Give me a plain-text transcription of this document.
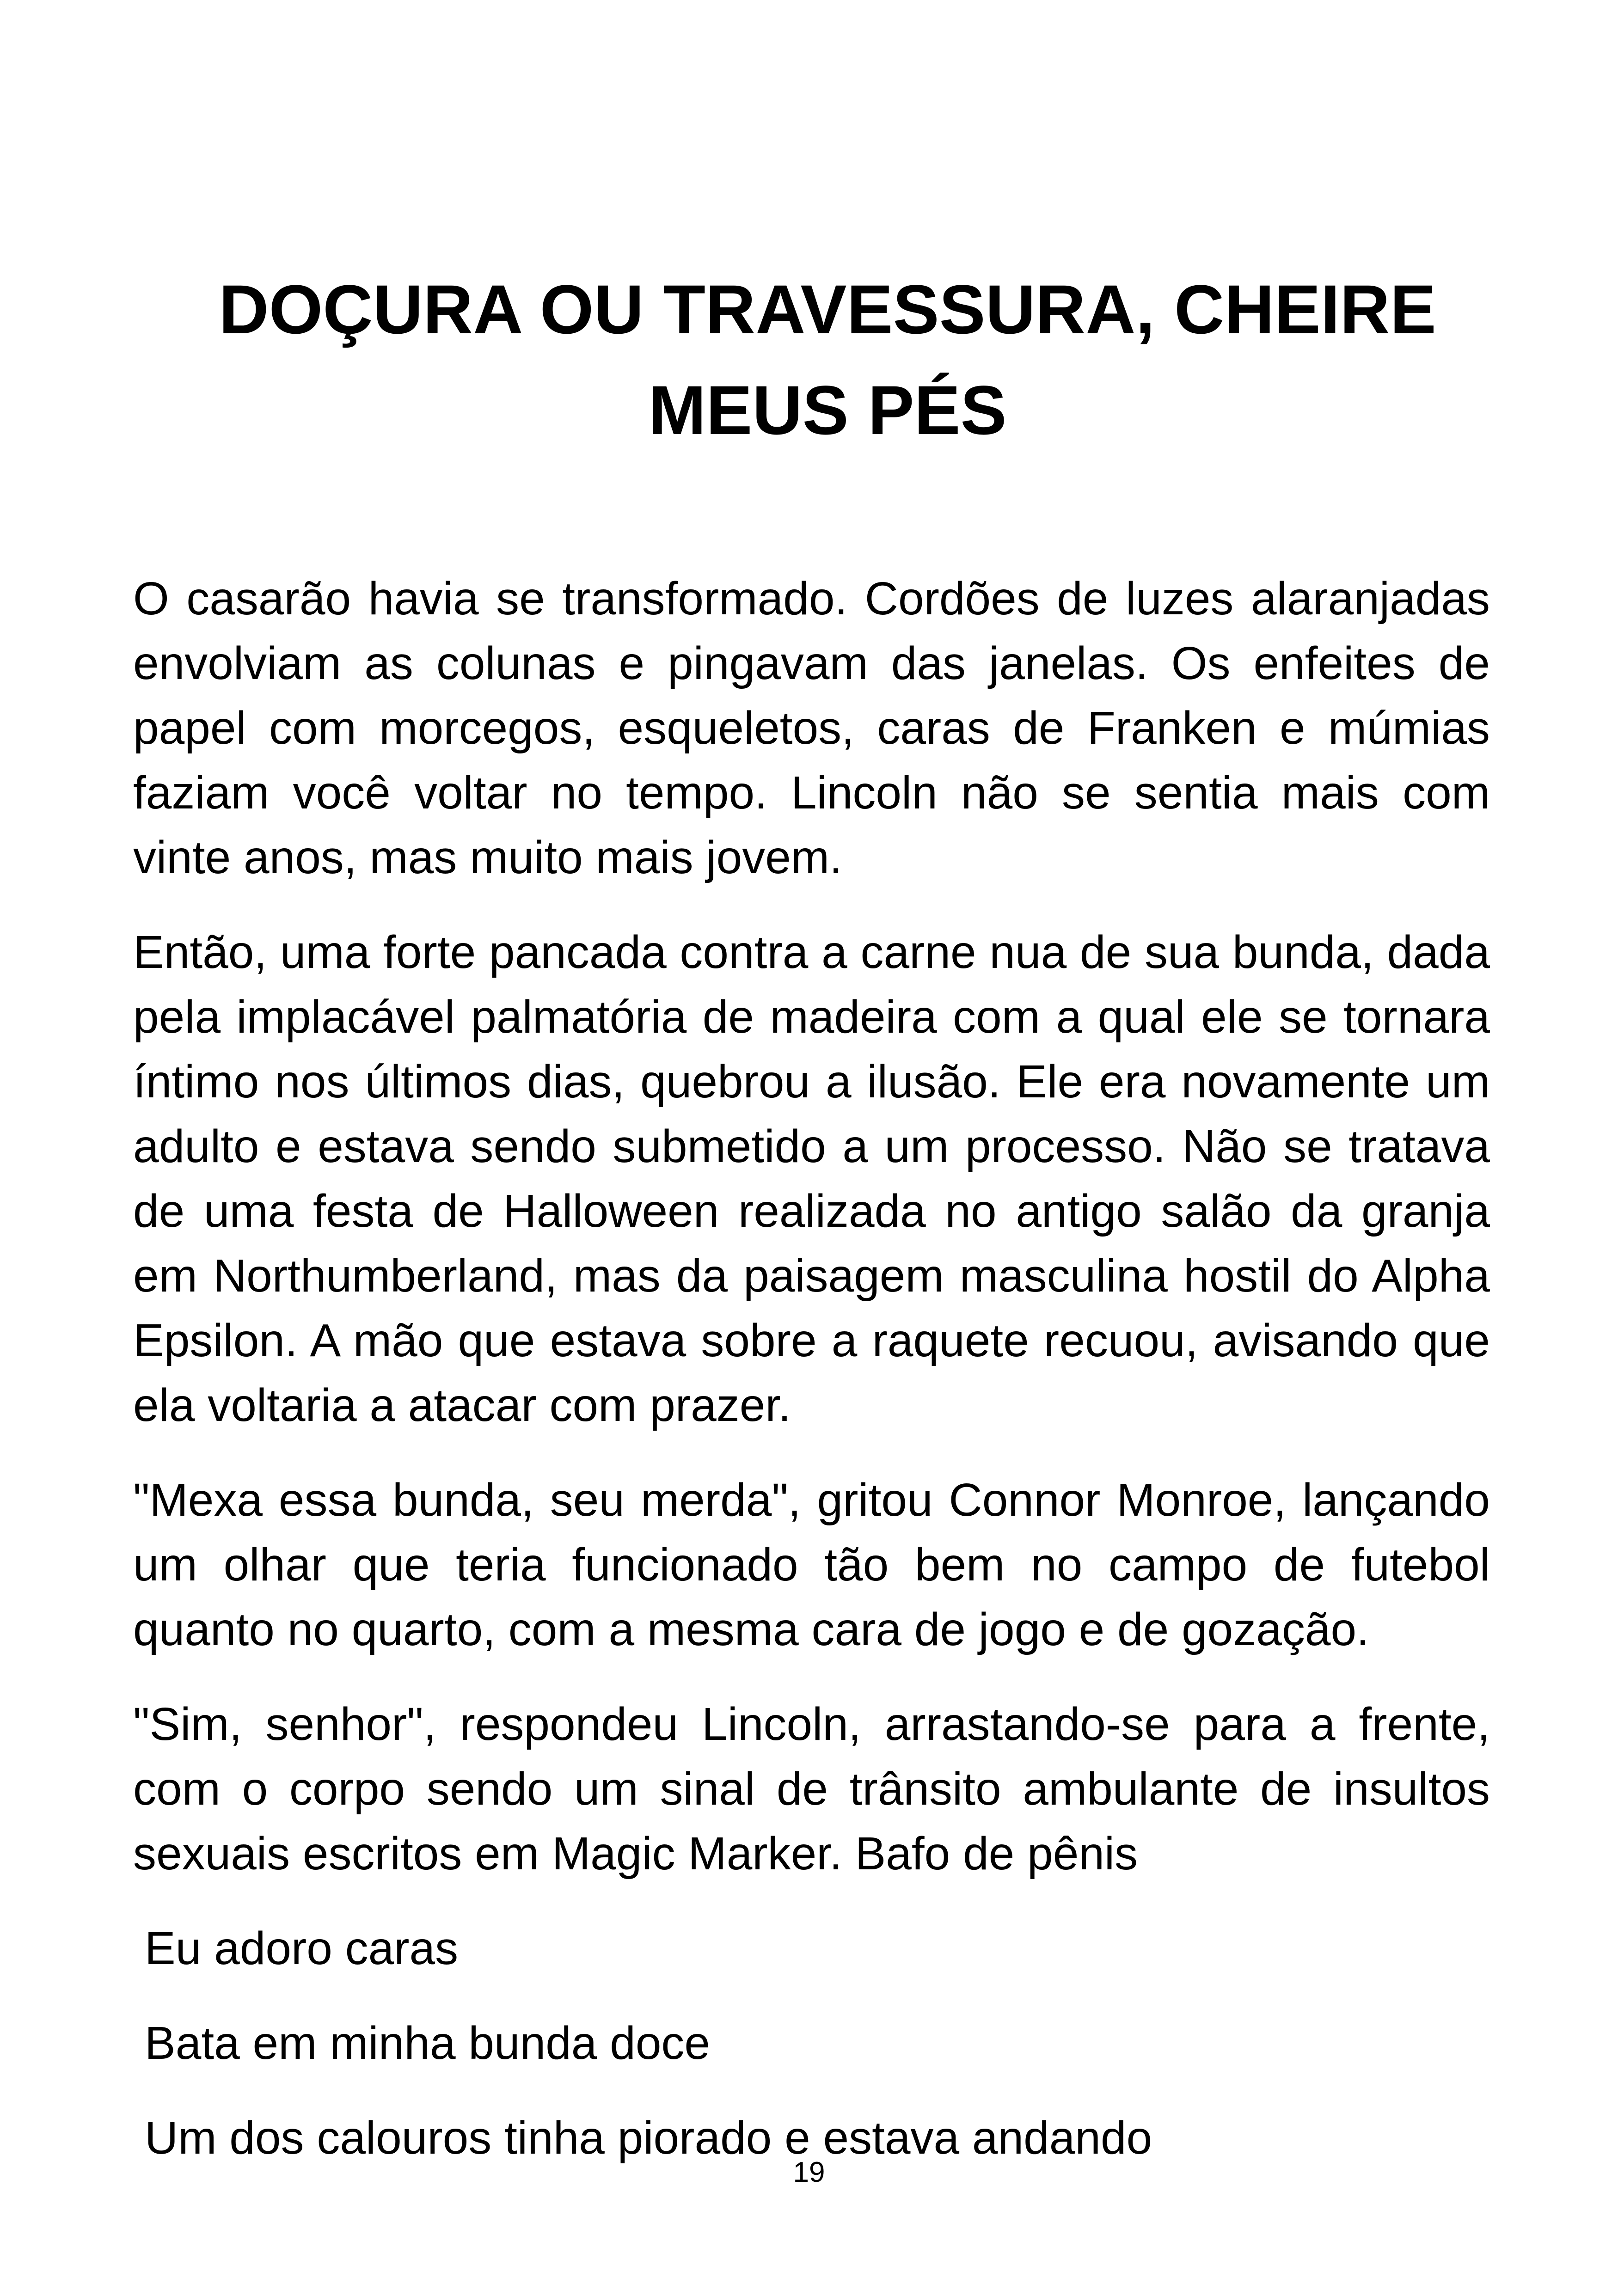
DOÇURA OU TRAVESSURA, CHEIRE
MEUS PÉS

O casarão havia se transformado. Cordões de luzes alaranjadas envolviam as colunas e pingavam das janelas. Os enfeites de papel com morcegos, esqueletos, caras de Franken e múmias faziam você voltar no tempo. Lincoln não se sentia mais com vinte anos, mas muito mais jovem.

Então, uma forte pancada contra a carne nua de sua bunda, dada pela implacável palmatória de madeira com a qual ele se tornara íntimo nos últimos dias, quebrou a ilusão. Ele era novamente um adulto e estava sendo submetido a um processo. Não se tratava de uma festa de Halloween realizada no antigo salão da granja em Northumberland, mas da paisagem masculina hostil do Alpha Epsilon. A mão que estava sobre a raquete recuou, avisando que ela voltaria a atacar com prazer.

"Mexa essa bunda, seu merda", gritou Connor Monroe, lançando um olhar que teria funcionado tão bem no campo de futebol quanto no quarto, com a mesma cara de jogo e de gozação.

"Sim, senhor", respondeu Lincoln, arrastando-se para a frente, com o corpo sendo um sinal de trânsito ambulante de insultos sexuais escritos em Magic Marker. Bafo de pênis

Eu adoro caras

Bata em minha bunda doce

Um dos calouros tinha piorado e estava andando

19
